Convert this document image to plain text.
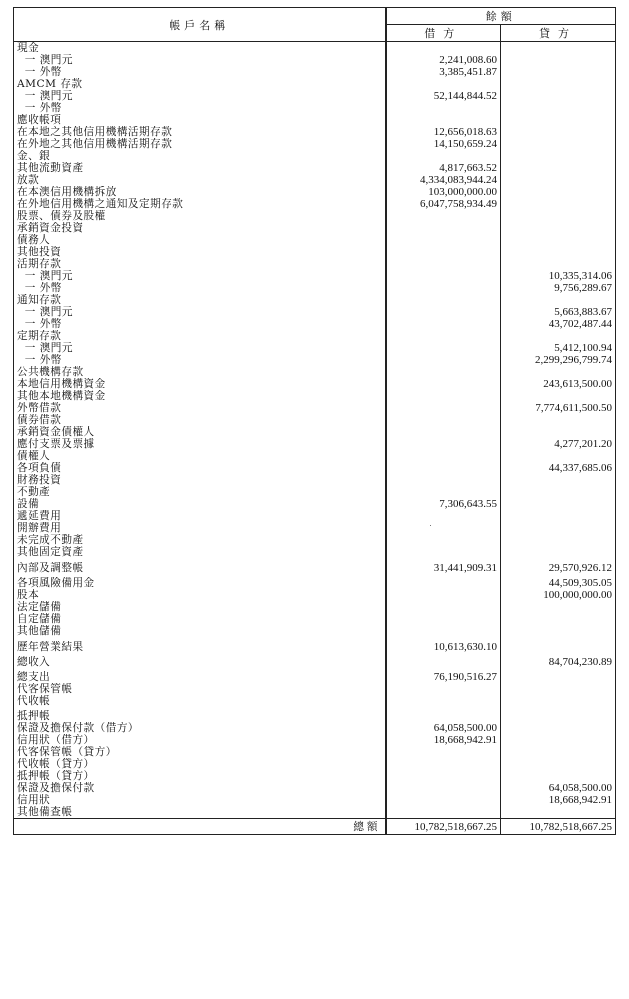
帳戶名稱	餘額	
	借方	貸方
現金		
一 澳門元	2,241,008.60	
一 外幣	3,385,451.87	
AMCM 存款		
一 澳門元	52,144,844.52	
一 外幣		
應收帳項		
在本地之其他信用機構活期存款	12,656,018.63	
在外地之其他信用機構活期存款	14,150,659.24	
金、銀		
其他流動資產	4,817,663.52	
放款	4,334,083,944.24	
在本澳信用機構拆放	103,000,000.00	
在外地信用機構之通知及定期存款	6,047,758,934.49	
股票、債券及股權		
承銷資金投資		
債務人		
其他投資		
活期存款		
一 澳門元		10,335,314.06
一 外幣		9,756,289.67
通知存款		
一 澳門元		5,663,883.67
一 外幣		43,702,487.44
定期存款		
一 澳門元		5,412,100.94
一 外幣		2,299,296,799.74
公共機構存款		
本地信用機構資金		243,613,500.00
其他本地機構資金		
外幣借款		7,774,611,500.50
債券借款		
承銷資金債權人		
應付支票及票據		4,277,201.20
債權人		
各項負債		44,337,685.06
財務投資		
不動產		
設備	7,306,643.55	
遞延費用		
開辦費用		
未完成不動產		
其他固定資產		

內部及調整帳	31,441,909.31	29,570,926.12

各項風險備用金		44,509,305.05
股本		100,000,000.00
法定儲備		
自定儲備		
其他儲備		

歷年營業結果	10,613,630.10	

總收入		84,704,230.89

總支出	76,190,516.27	
代客保管帳		
代收帳		

抵押帳		
保證及擔保付款（借方）	64,058,500.00	
信用狀（借方）	18,668,942.91	
代客保管帳（貸方）		
代收帳（貸方）		
抵押帳（貸方）		
保證及擔保付款		64,058,500.00
信用狀		18,668,942.91
其他備查帳		
總額	10,782,518,667.25	10,782,518,667.25
